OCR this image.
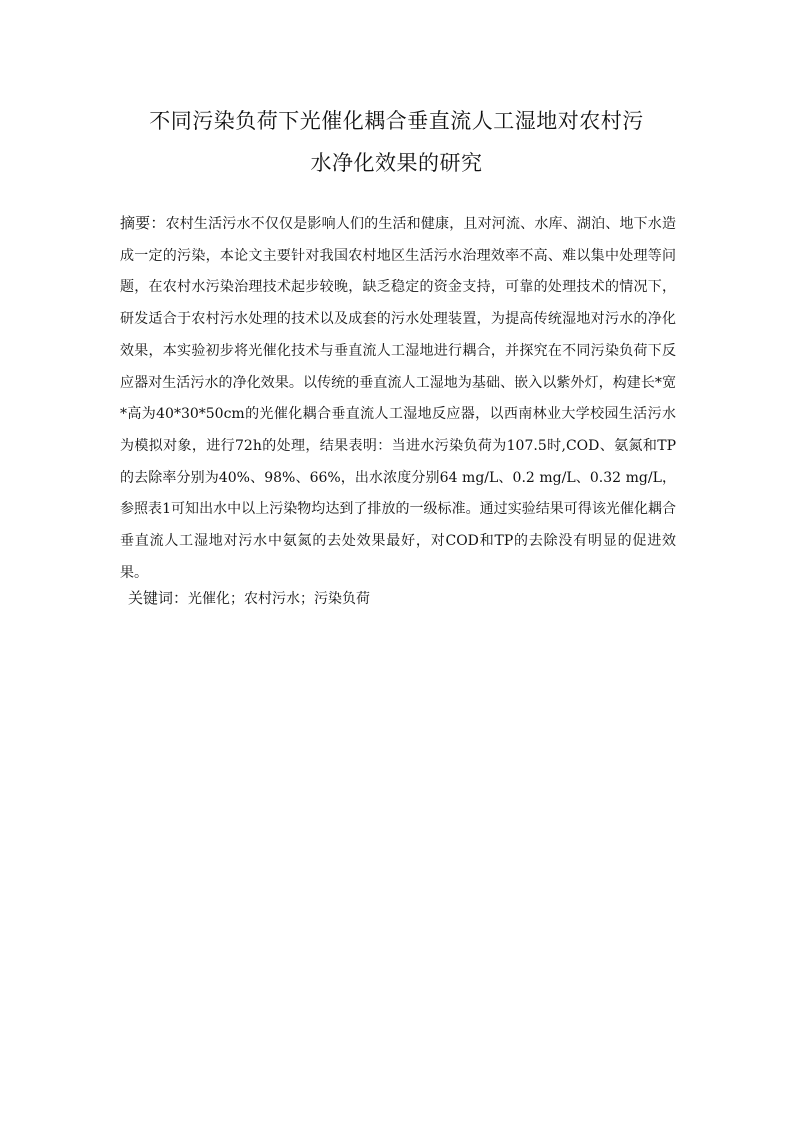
不同污染负荷下光催化耦合垂直流人工湿地对农村污
水净化效果的研究

摘要：农村生活污水不仅仅是影响人们的生活和健康，且对河流、水库、湖泊、地下水造成一定的污染，本论文主要针对我国农村地区生活污水治理效率不高、难以集中处理等问题，在农村水污染治理技术起步较晚，缺乏稳定的资金支持，可靠的处理技术的情况下，研发适合于农村污水处理的技术以及成套的污水处理装置，为提高传统湿地对污水的净化效果，本实验初步将光催化技术与垂直流人工湿地进行耦合，并探究在不同污染负荷下反应器对生活污水的净化效果。以传统的垂直流人工湿地为基础、嵌入以紫外灯，构建长*宽*高为40*30*50cm的光催化耦合垂直流人工湿地反应器，以西南林业大学校园生活污水为模拟对象，进行72h的处理，结果表明：当进水污染负荷为107.5时,COD、氨氮和TP的去除率分别为40%、98%、66%，出水浓度分别64 mg/L、0.2 mg/L、0.32 mg/L，参照表1可知出水中以上污染物均达到了排放的一级标准。通过实验结果可得该光催化耦合垂直流人工湿地对污水中氨氮的去处效果最好，对COD和TP的去除没有明显的促进效果。

关键词：光催化；农村污水；污染负荷
